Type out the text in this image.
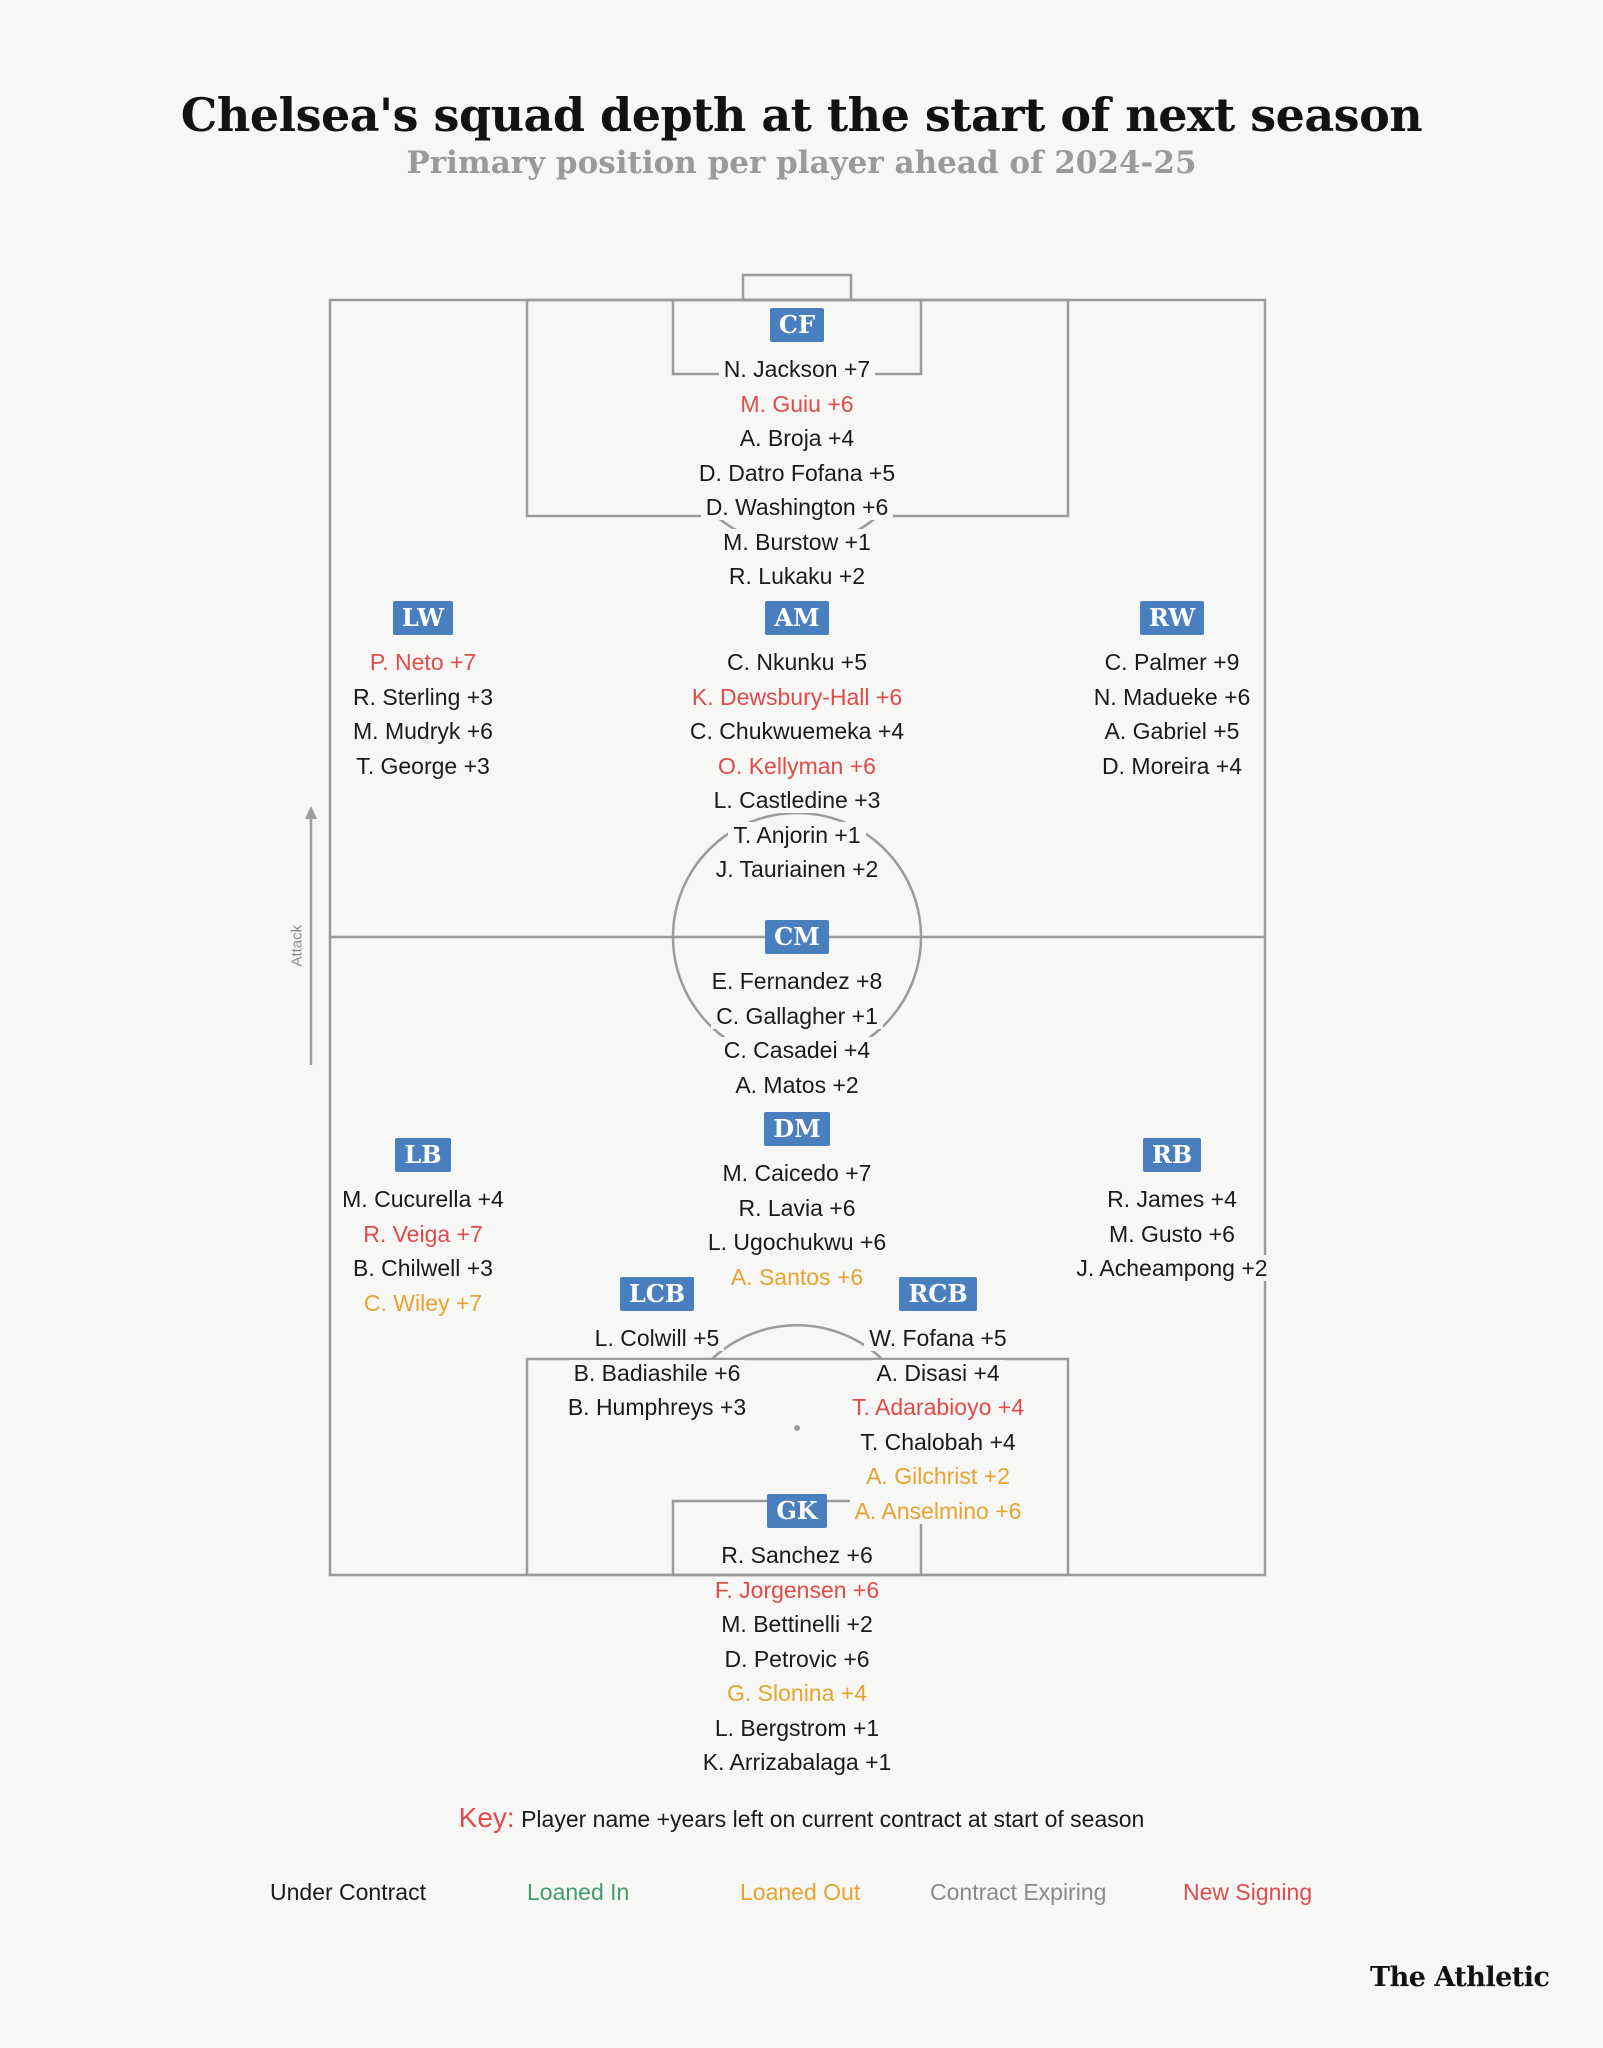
Chelsea's squad depth at the start of next season
Primary position per player ahead of 2024-25
Attack
CF
N. Jackson +7
M. Guiu +6
A. Broja +4
D. Datro Fofana +5
D. Washington +6
M. Burstow +1
R. Lukaku +2
LW
P. Neto +7
R. Sterling +3
M. Mudryk +6
T. George +3
AM
C. Nkunku +5
K. Dewsbury-Hall +6
C. Chukwuemeka +4
O. Kellyman +6
L. Castledine +3
T. Anjorin +1
J. Tauriainen +2
RW
C. Palmer +9
N. Madueke +6
A. Gabriel +5
D. Moreira +4
CM
E. Fernandez +8
C. Gallagher +1
C. Casadei +4
A. Matos +2
DM
M. Caicedo +7
R. Lavia +6
L. Ugochukwu +6
A. Santos +6
LB
M. Cucurella +4
R. Veiga +7
B. Chilwell +3
C. Wiley +7
RB
R. James +4
M. Gusto +6
J. Acheampong +2
LCB
L. Colwill +5
B. Badiashile +6
B. Humphreys +3
RCB
W. Fofana +5
A. Disasi +4
T. Adarabioyo +4
T. Chalobah +4
A. Gilchrist +2
A. Anselmino +6
GK
R. Sanchez +6
F. Jorgensen +6
M. Bettinelli +2
D. Petrovic +6
G. Slonina +4
L. Bergstrom +1
K. Arrizabalaga +1
Key: Player name +years left on current contract at start of season
Under Contract	Loaned In	Loaned Out	Contract Expiring	New Signing
The Athletic
